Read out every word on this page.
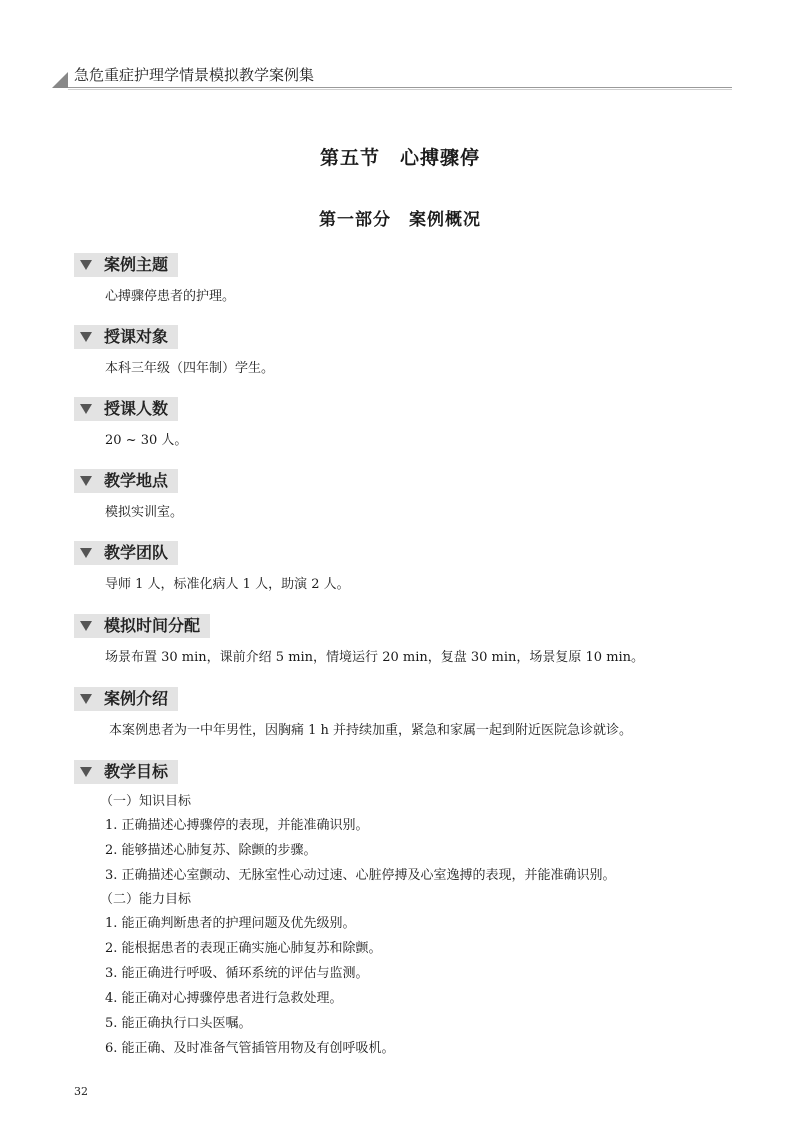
急危重症护理学情景模拟教学案例集
第五节　心搏骤停
第一部分　案例概况
案例主题
心搏骤停患者的护理。
授课对象
本科三年级（四年制）学生。
授课人数
20 ~ 30 人。
教学地点
模拟实训室。
教学团队
导师 1 人，标准化病人 1 人，助演 2 人。
模拟时间分配
场景布置 30 min，课前介绍 5 min，情境运行 20 min，复盘 30 min，场景复原 10 min。
案例介绍
本案例患者为一中年男性，因胸痛 1 h 并持续加重，紧急和家属一起到附近医院急诊就诊。
教学目标
（一）知识目标
1. 正确描述心搏骤停的表现，并能准确识别。
2. 能够描述心肺复苏、除颤的步骤。
3. 正确描述心室颤动、无脉室性心动过速、心脏停搏及心室逸搏的表现，并能准确识别。
（二）能力目标
1. 能正确判断患者的护理问题及优先级别。
2. 能根据患者的表现正确实施心肺复苏和除颤。
3. 能正确进行呼吸、循环系统的评估与监测。
4. 能正确对心搏骤停患者进行急救处理。
5. 能正确执行口头医嘱。
6. 能正确、及时准备气管插管用物及有创呼吸机。
32
